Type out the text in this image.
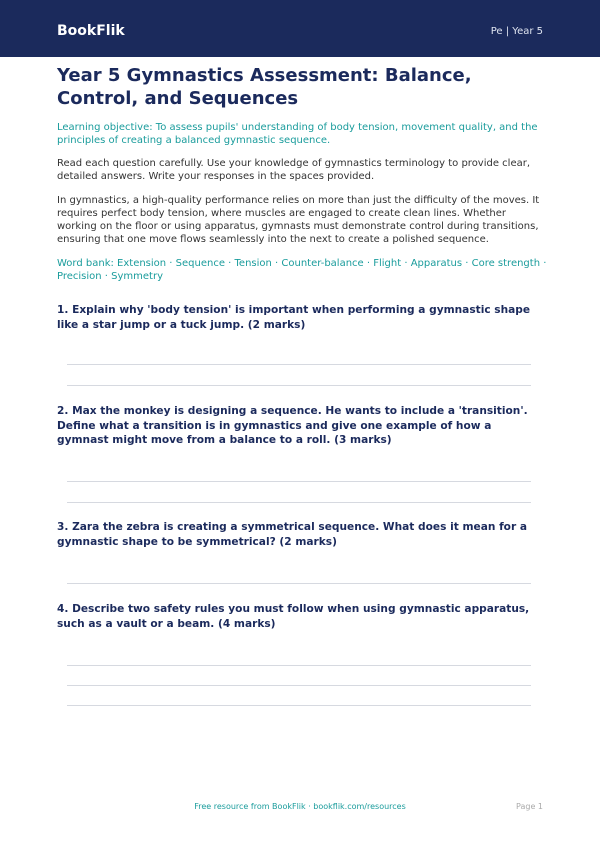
BookFlik	Pe | Year 5
Year 5 Gymnastics Assessment: Balance, Control, and Sequences
Learning objective: To assess pupils' understanding of body tension, movement quality, and the principles of creating a balanced gymnastic sequence.
Read each question carefully. Use your knowledge of gymnastics terminology to provide clear, detailed answers. Write your responses in the spaces provided.
In gymnastics, a high-quality performance relies on more than just the difficulty of the moves. It requires perfect body tension, where muscles are engaged to create clean lines. Whether working on the floor or using apparatus, gymnasts must demonstrate control during transitions, ensuring that one move flows seamlessly into the next to create a polished sequence.
Word bank: Extension · Sequence · Tension · Counter-balance · Flight · Apparatus · Core strength · Precision · Symmetry
1. Explain why 'body tension' is important when performing a gymnastic shape like a star jump or a tuck jump. (2 marks)
2. Max the monkey is designing a sequence. He wants to include a 'transition'. Define what a transition is in gymnastics and give one example of how a gymnast might move from a balance to a roll. (3 marks)
3. Zara the zebra is creating a symmetrical sequence. What does it mean for a gymnastic shape to be symmetrical? (2 marks)
4. Describe two safety rules you must follow when using gymnastic apparatus, such as a vault or a beam. (4 marks)
Free resource from BookFlik · bookflik.com/resources	Page 1
